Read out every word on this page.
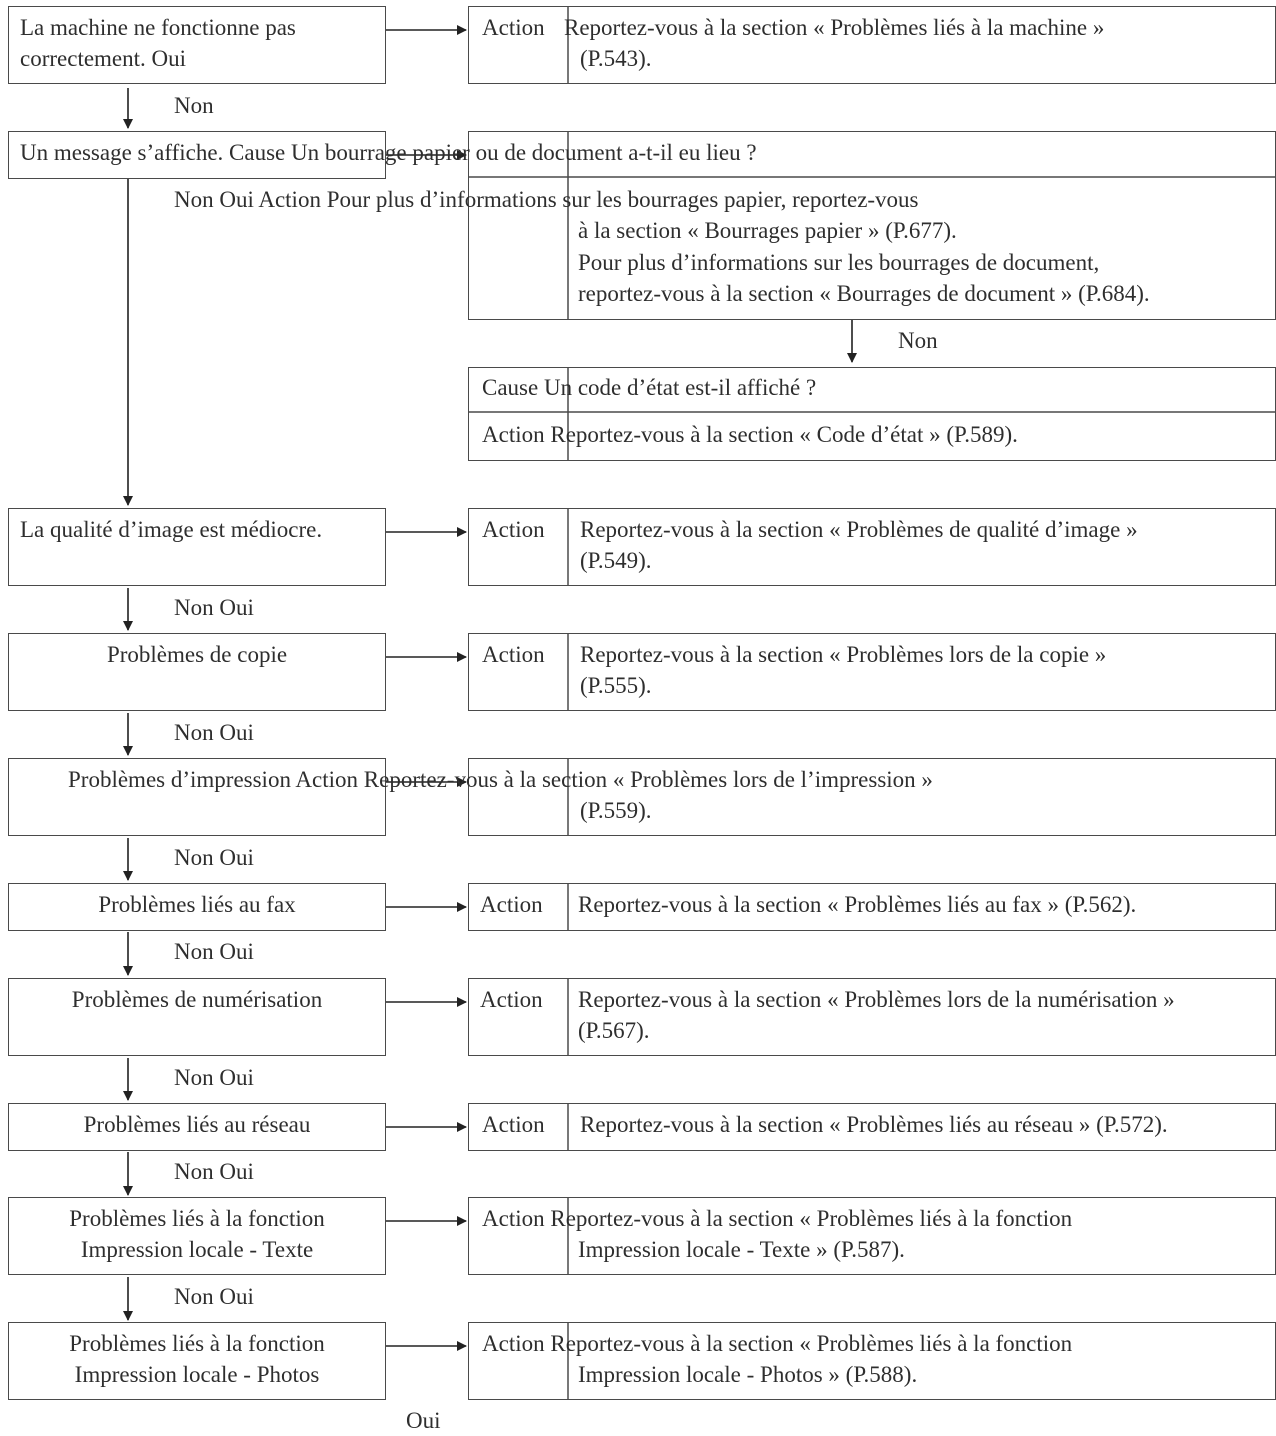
La machine ne fonctionne pas
correctement. Oui
Action Reportez-vous à la section « Problèmes liés à la machine »
(P.543).
Non
Un message s’affiche. Cause Un bourrage papier ou de document a-t-il eu lieu ?
Non Oui Action Pour plus d’informations sur les bourrages papier, reportez-vous
à la section « Bourrages papier » (P.677).
Pour plus d’informations sur les bourrages de document,
reportez-vous à la section « Bourrages de document » (P.684).
Non
Cause Un code d’état est-il affiché ?
Action Reportez-vous à la section « Code d’état » (P.589).
La qualité d’image est médiocre.	Action Reportez-vous à la section « Problèmes de qualité d’image »
(P.549).
Non Oui
Problèmes de copie	Action Reportez-vous à la section « Problèmes lors de la copie »
(P.555).
Non Oui
Problèmes d’impression Action Reportez-vous à la section « Problèmes lors de l’impression »
(P.559).
Non Oui
Problèmes liés au fax	Action Reportez-vous à la section « Problèmes liés au fax » (P.562).
Non Oui
Problèmes de numérisation	Action Reportez-vous à la section « Problèmes lors de la numérisation »
(P.567).
Non Oui
Problèmes liés au réseau	Action Reportez-vous à la section « Problèmes liés au réseau » (P.572).
Non Oui
Problèmes liés à la fonction
Impression locale - Texte
Action Reportez-vous à la section « Problèmes liés à la fonction
Impression locale - Texte » (P.587).
Non Oui
Problèmes liés à la fonction
Impression locale - Photos
Action Reportez-vous à la section « Problèmes liés à la fonction
Impression locale - Photos » (P.588).
Oui
